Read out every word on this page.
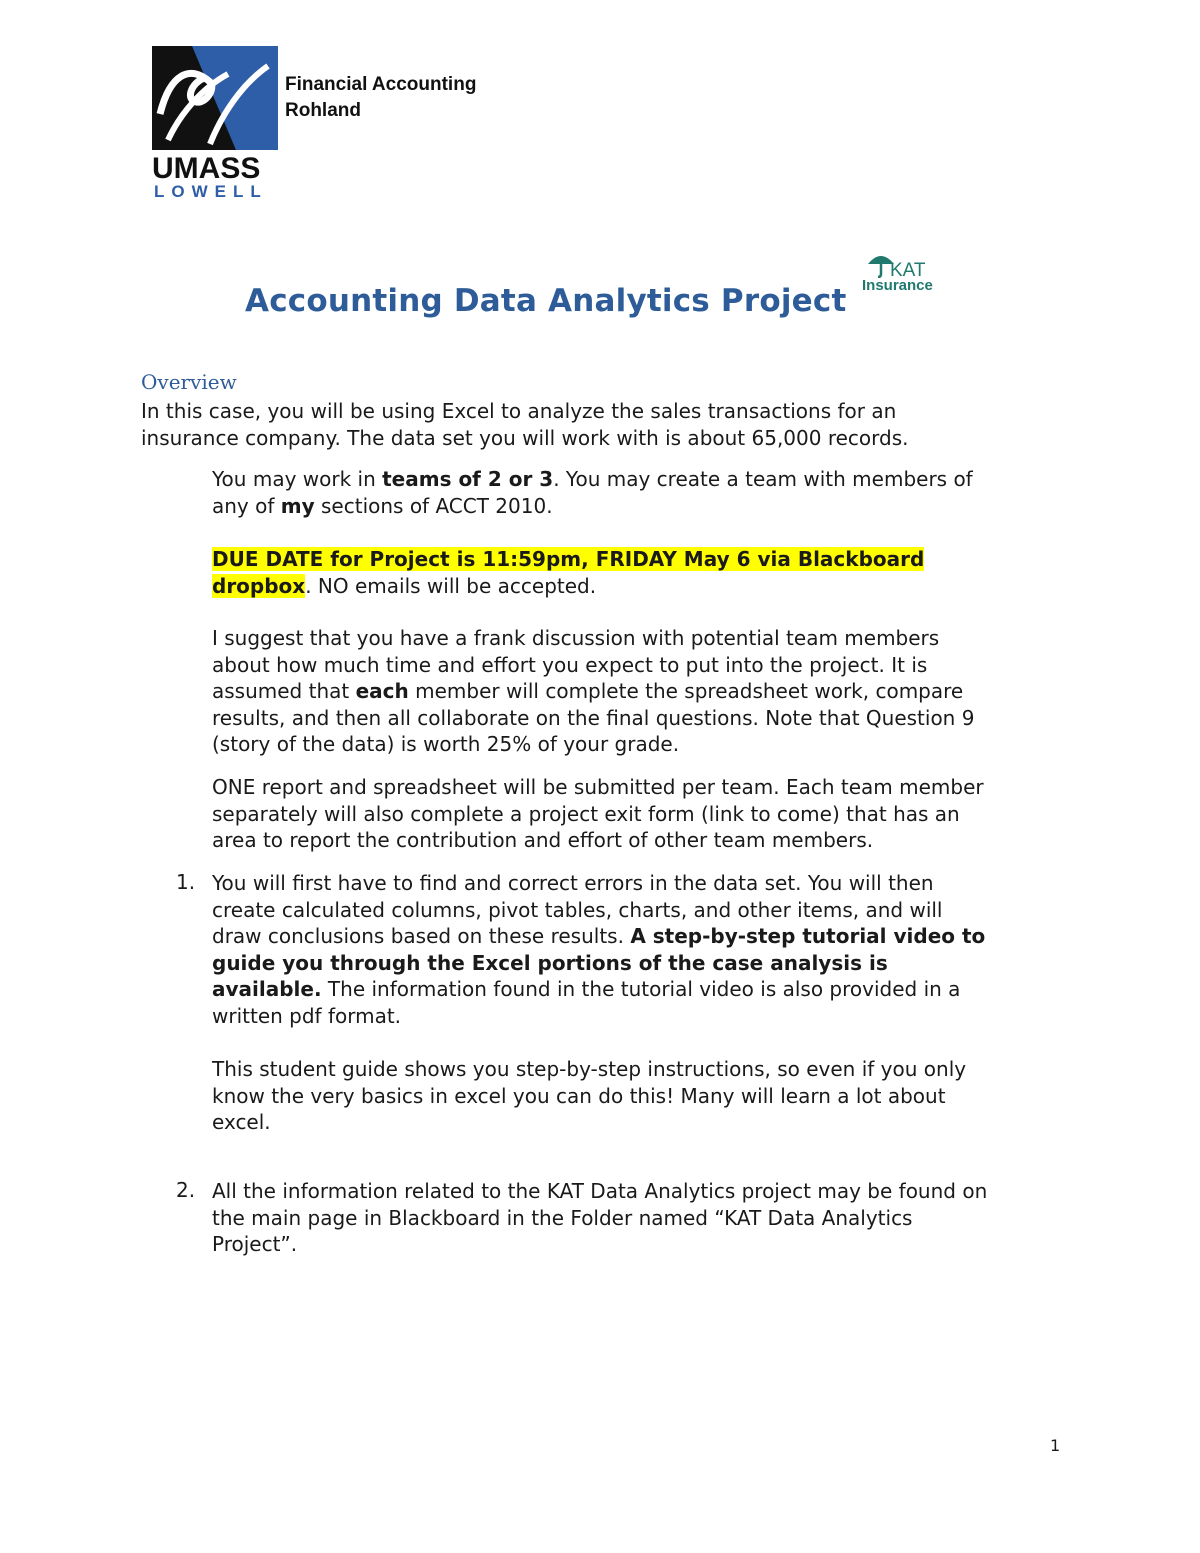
UMASS
LOWELL
Financial Accounting
Rohland
Accounting Data Analytics Project
KAT
Insurance
Overview
In this case, you will be using Excel to analyze the sales transactions for an
insurance company. The data set you will work with is about 65,000 records.
You may work in teams of 2 or 3. You may create a team with members of
any of my sections of ACCT 2010.
DUE DATE for Project is 11:59pm, FRIDAY May 6 via Blackboard
dropbox. NO emails will be accepted.
I suggest that you have a frank discussion with potential team members
about how much time and effort you expect to put into the project. It is
assumed that each member will complete the spreadsheet work, compare
results, and then all collaborate on the final questions. Note that Question 9
(story of the data) is worth 25% of your grade.
ONE report and spreadsheet will be submitted per team. Each team member
separately will also complete a project exit form (link to come) that has an
area to report the contribution and effort of other team members.
1. You will first have to find and correct errors in the data set. You will then
create calculated columns, pivot tables, charts, and other items, and will
draw conclusions based on these results. A step-by-step tutorial video to
guide you through the Excel portions of the case analysis is
available. The information found in the tutorial video is also provided in a
written pdf format.
This student guide shows you step-by-step instructions, so even if you only
know the very basics in excel you can do this! Many will learn a lot about
excel.
2. All the information related to the KAT Data Analytics project may be found on
the main page in Blackboard in the Folder named “KAT Data Analytics
Project”.
1
